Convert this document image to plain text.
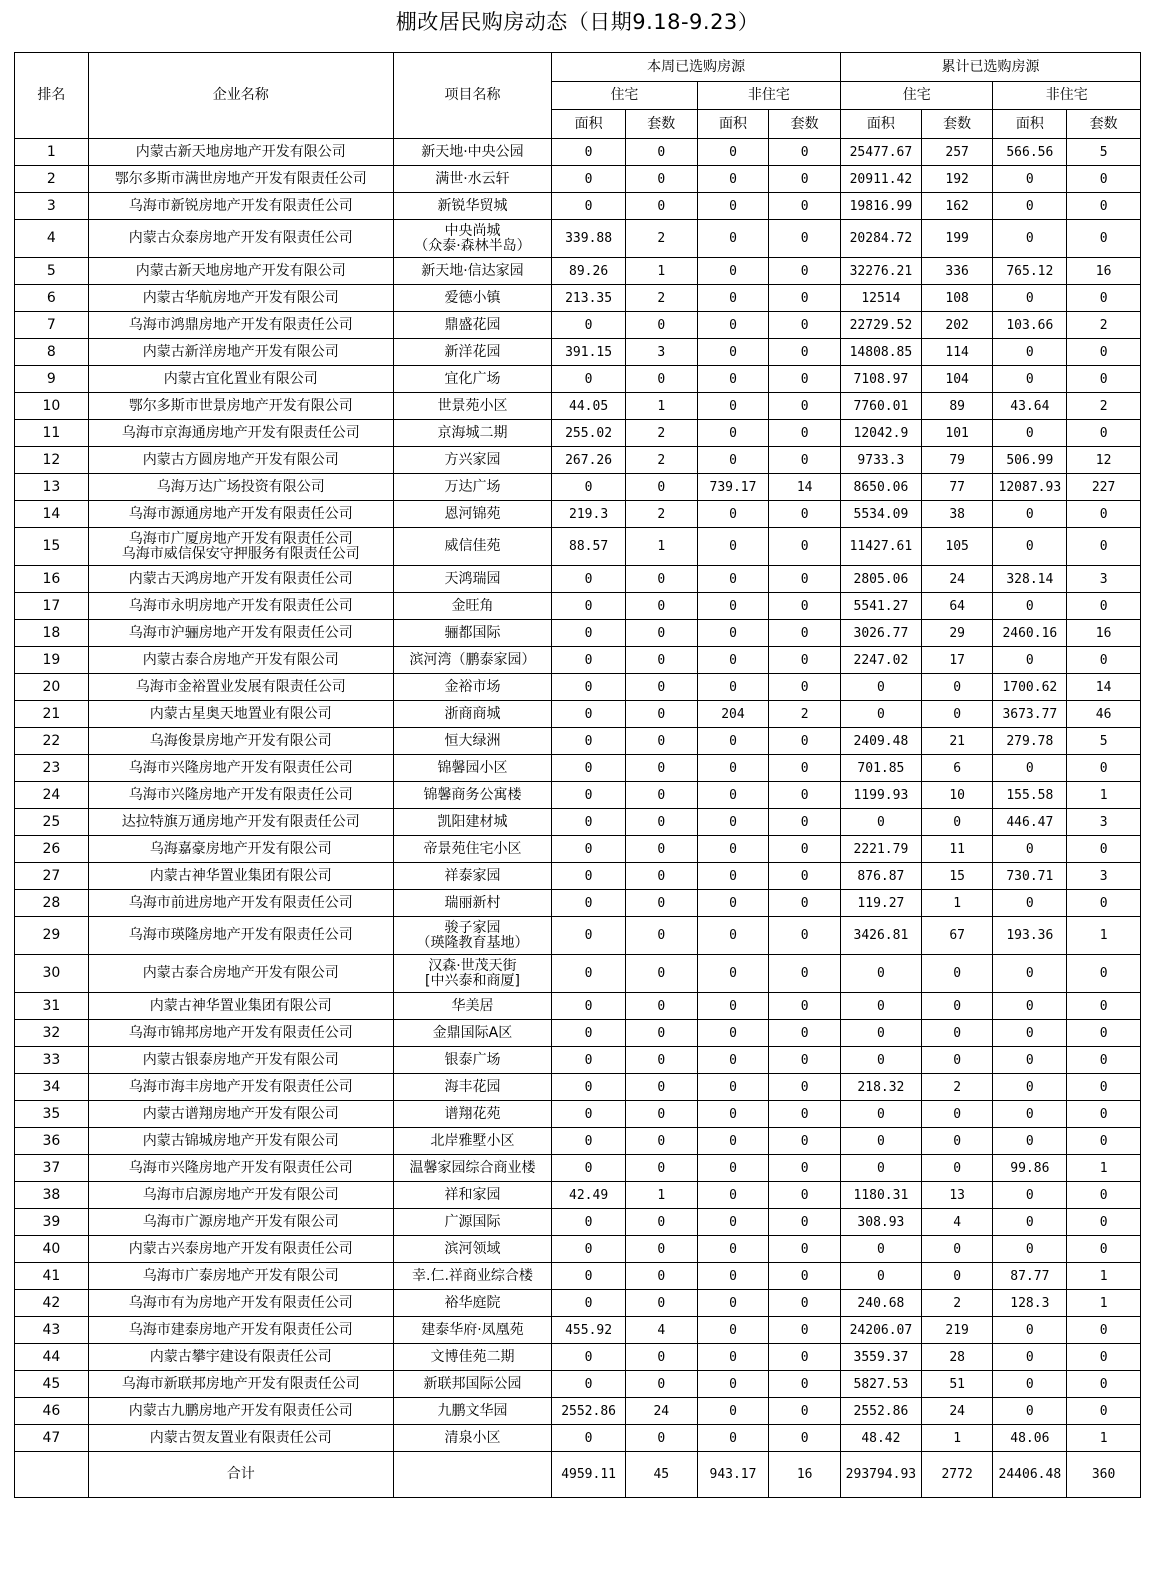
棚改居民购房动态（日期9.18-9.23）
排名	企业名称	项目名称	本周已选购房源				累计已选购房源			
			住宅		非住宅		住宅		非住宅	
			面积	套数	面积	套数	面积	套数	面积	套数
1	内蒙古新天地房地产开发有限公司	新天地·中央公园	0	0	0	0	25477.67	257	566.56	5
2	鄂尔多斯市满世房地产开发有限责任公司	满世·水云轩	0	0	0	0	20911.42	192	0	0
3	乌海市新锐房地产开发有限责任公司	新锐华贸城	0	0	0	0	19816.99	162	0	0
4	内蒙古众泰房地产开发有限责任公司	中央尚城
（众泰·森林半岛）	339.88	2	0	0	20284.72	199	0	0
5	内蒙古新天地房地产开发有限公司	新天地·信达家园	89.26	1	0	0	32276.21	336	765.12	16
6	内蒙古华航房地产开发有限公司	爱德小镇	213.35	2	0	0	12514	108	0	0
7	乌海市鸿鼎房地产开发有限责任公司	鼎盛花园	0	0	0	0	22729.52	202	103.66	2
8	内蒙古新洋房地产开发有限公司	新洋花园	391.15	3	0	0	14808.85	114	0	0
9	内蒙古宜化置业有限公司	宜化广场	0	0	0	0	7108.97	104	0	0
10	鄂尔多斯市世景房地产开发有限公司	世景苑小区	44.05	1	0	0	7760.01	89	43.64	2
11	乌海市京海通房地产开发有限责任公司	京海城二期	255.02	2	0	0	12042.9	101	0	0
12	内蒙古方圆房地产开发有限公司	方兴家园	267.26	2	0	0	9733.3	79	506.99	12
13	乌海万达广场投资有限公司	万达广场	0	0	739.17	14	8650.06	77	12087.93	227
14	乌海市源通房地产开发有限责任公司	恩河锦苑	219.3	2	0	0	5534.09	38	0	0
15	乌海市广厦房地产开发有限责任公司
乌海市威信保安守押服务有限责任公司	威信佳苑	88.57	1	0	0	11427.61	105	0	0
16	内蒙古天鸿房地产开发有限责任公司	天鸿瑞园	0	0	0	0	2805.06	24	328.14	3
17	乌海市永明房地产开发有限责任公司	金旺角	0	0	0	0	5541.27	64	0	0
18	乌海市沪骊房地产开发有限责任公司	骊都国际	0	0	0	0	3026.77	29	2460.16	16
19	内蒙古泰合房地产开发有限公司	滨河湾（鹏泰家园）	0	0	0	0	2247.02	17	0	0
20	乌海市金裕置业发展有限责任公司	金裕市场	0	0	0	0	0	0	1700.62	14
21	内蒙古星奥天地置业有限公司	浙商商城	0	0	204	2	0	0	3673.77	46
22	乌海俊景房地产开发有限公司	恒大绿洲	0	0	0	0	2409.48	21	279.78	5
23	乌海市兴隆房地产开发有限责任公司	锦馨园小区	0	0	0	0	701.85	6	0	0
24	乌海市兴隆房地产开发有限责任公司	锦馨商务公寓楼	0	0	0	0	1199.93	10	155.58	1
25	达拉特旗万通房地产开发有限责任公司	凯阳建材城	0	0	0	0	0	0	446.47	3
26	乌海嘉豪房地产开发有限公司	帝景苑住宅小区	0	0	0	0	2221.79	11	0	0
27	内蒙古神华置业集团有限公司	祥泰家园	0	0	0	0	876.87	15	730.71	3
28	乌海市前进房地产开发有限责任公司	瑞丽新村	0	0	0	0	119.27	1	0	0
29	乌海市瑛隆房地产开发有限责任公司	骏子家园
（瑛隆教育基地）	0	0	0	0	3426.81	67	193.36	1
30	内蒙古泰合房地产开发有限公司	汉森·世茂天街
[中兴泰和商厦]	0	0	0	0	0	0	0	0
31	内蒙古神华置业集团有限公司	华美居	0	0	0	0	0	0	0	0
32	乌海市锦邦房地产开发有限责任公司	金鼎国际A区	0	0	0	0	0	0	0	0
33	内蒙古银泰房地产开发有限公司	银泰广场	0	0	0	0	0	0	0	0
34	乌海市海丰房地产开发有限责任公司	海丰花园	0	0	0	0	218.32	2	0	0
35	内蒙古谱翔房地产开发有限公司	谱翔花苑	0	0	0	0	0	0	0	0
36	内蒙古锦城房地产开发有限公司	北岸雅墅小区	0	0	0	0	0	0	0	0
37	乌海市兴隆房地产开发有限责任公司	温馨家园综合商业楼	0	0	0	0	0	0	99.86	1
38	乌海市启源房地产开发有限公司	祥和家园	42.49	1	0	0	1180.31	13	0	0
39	乌海市广源房地产开发有限公司	广源国际	0	0	0	0	308.93	4	0	0
40	内蒙古兴泰房地产开发有限责任公司	滨河领域	0	0	0	0	0	0	0	0
41	乌海市广泰房地产开发有限公司	幸.仁.祥商业综合楼	0	0	0	0	0	0	87.77	1
42	乌海市有为房地产开发有限责任公司	裕华庭院	0	0	0	0	240.68	2	128.3	1
43	乌海市建泰房地产开发有限责任公司	建泰华府·凤凰苑	455.92	4	0	0	24206.07	219	0	0
44	内蒙古攀宇建设有限责任公司	文博佳苑二期	0	0	0	0	3559.37	28	0	0
45	乌海市新联邦房地产开发有限责任公司	新联邦国际公园	0	0	0	0	5827.53	51	0	0
46	内蒙古九鹏房地产开发有限责任公司	九鹏文华园	2552.86	24	0	0	2552.86	24	0	0
47	内蒙古贺友置业有限责任公司	清泉小区	0	0	0	0	48.42	1	48.06	1
	合计		4959.11	45	943.17	16	293794.93	2772	24406.48	360
